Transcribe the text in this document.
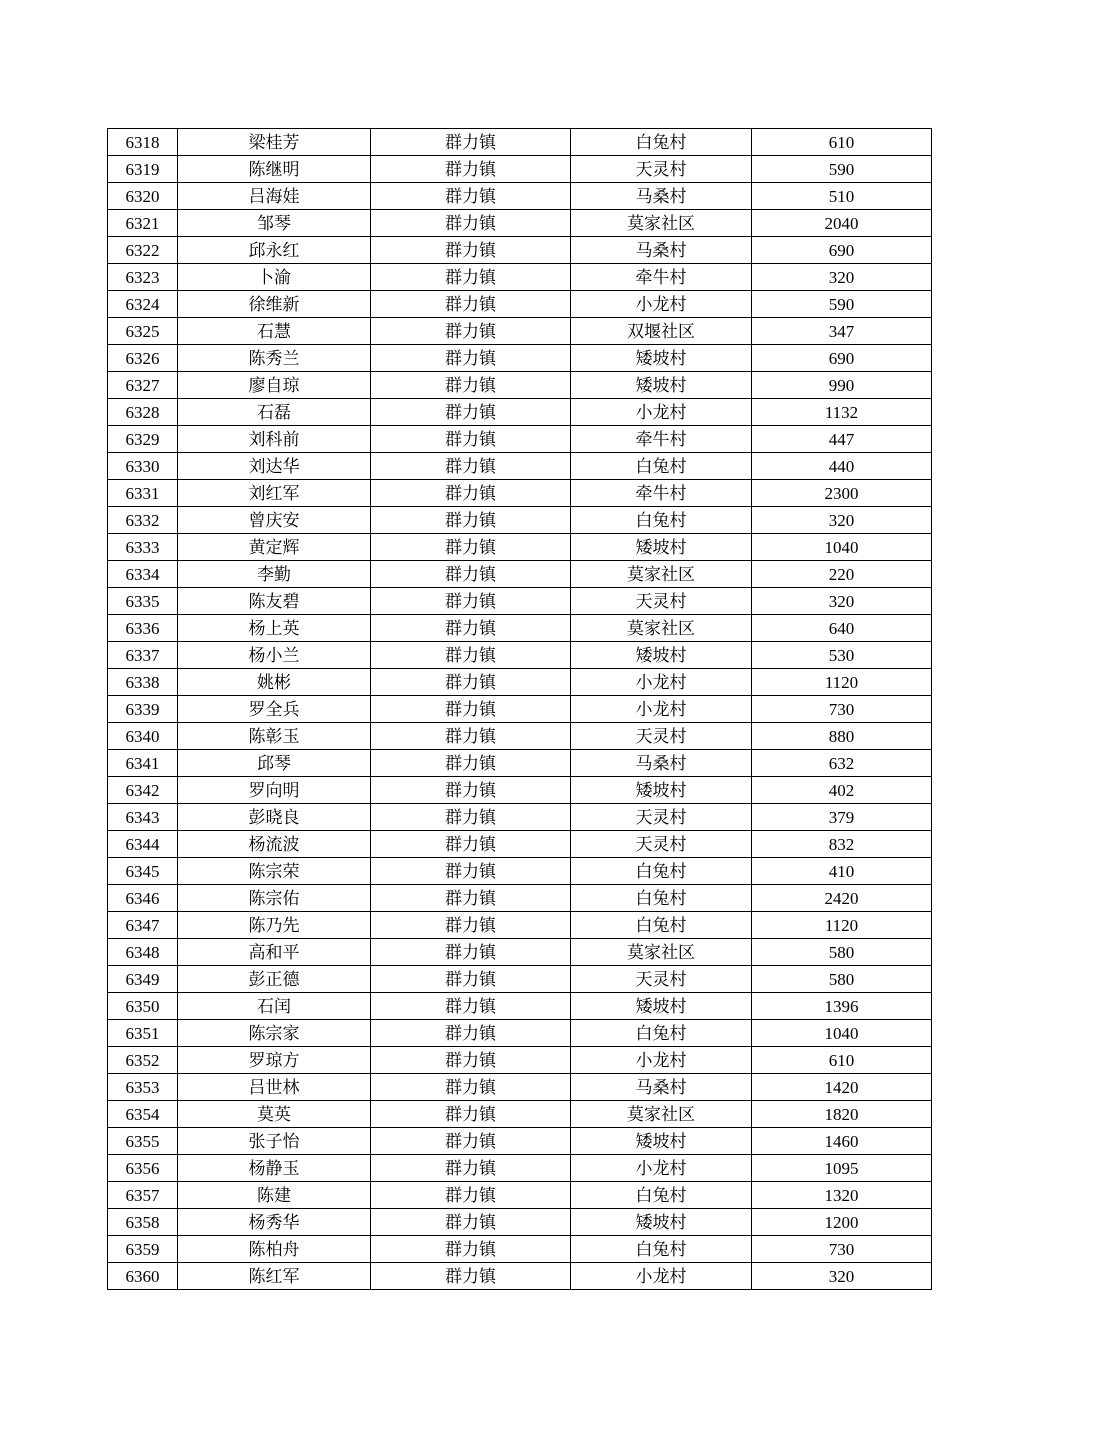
6318	梁桂芳	群力镇	白兔村	610
6319	陈继明	群力镇	天灵村	590
6320	吕海娃	群力镇	马桑村	510
6321	邹琴	群力镇	莫家社区	2040
6322	邱永红	群力镇	马桑村	690
6323	卜渝	群力镇	牵牛村	320
6324	徐维新	群力镇	小龙村	590
6325	石慧	群力镇	双堰社区	347
6326	陈秀兰	群力镇	矮坡村	690
6327	廖自琼	群力镇	矮坡村	990
6328	石磊	群力镇	小龙村	1132
6329	刘科前	群力镇	牵牛村	447
6330	刘达华	群力镇	白兔村	440
6331	刘红军	群力镇	牵牛村	2300
6332	曾庆安	群力镇	白兔村	320
6333	黄定辉	群力镇	矮坡村	1040
6334	李勤	群力镇	莫家社区	220
6335	陈友碧	群力镇	天灵村	320
6336	杨上英	群力镇	莫家社区	640
6337	杨小兰	群力镇	矮坡村	530
6338	姚彬	群力镇	小龙村	1120
6339	罗全兵	群力镇	小龙村	730
6340	陈彰玉	群力镇	天灵村	880
6341	邱琴	群力镇	马桑村	632
6342	罗向明	群力镇	矮坡村	402
6343	彭晓良	群力镇	天灵村	379
6344	杨流波	群力镇	天灵村	832
6345	陈宗荣	群力镇	白兔村	410
6346	陈宗佑	群力镇	白兔村	2420
6347	陈乃先	群力镇	白兔村	1120
6348	高和平	群力镇	莫家社区	580
6349	彭正德	群力镇	天灵村	580
6350	石闰	群力镇	矮坡村	1396
6351	陈宗家	群力镇	白兔村	1040
6352	罗琼方	群力镇	小龙村	610
6353	吕世林	群力镇	马桑村	1420
6354	莫英	群力镇	莫家社区	1820
6355	张子怡	群力镇	矮坡村	1460
6356	杨静玉	群力镇	小龙村	1095
6357	陈建	群力镇	白兔村	1320
6358	杨秀华	群力镇	矮坡村	1200
6359	陈柏舟	群力镇	白兔村	730
6360	陈红军	群力镇	小龙村	320
